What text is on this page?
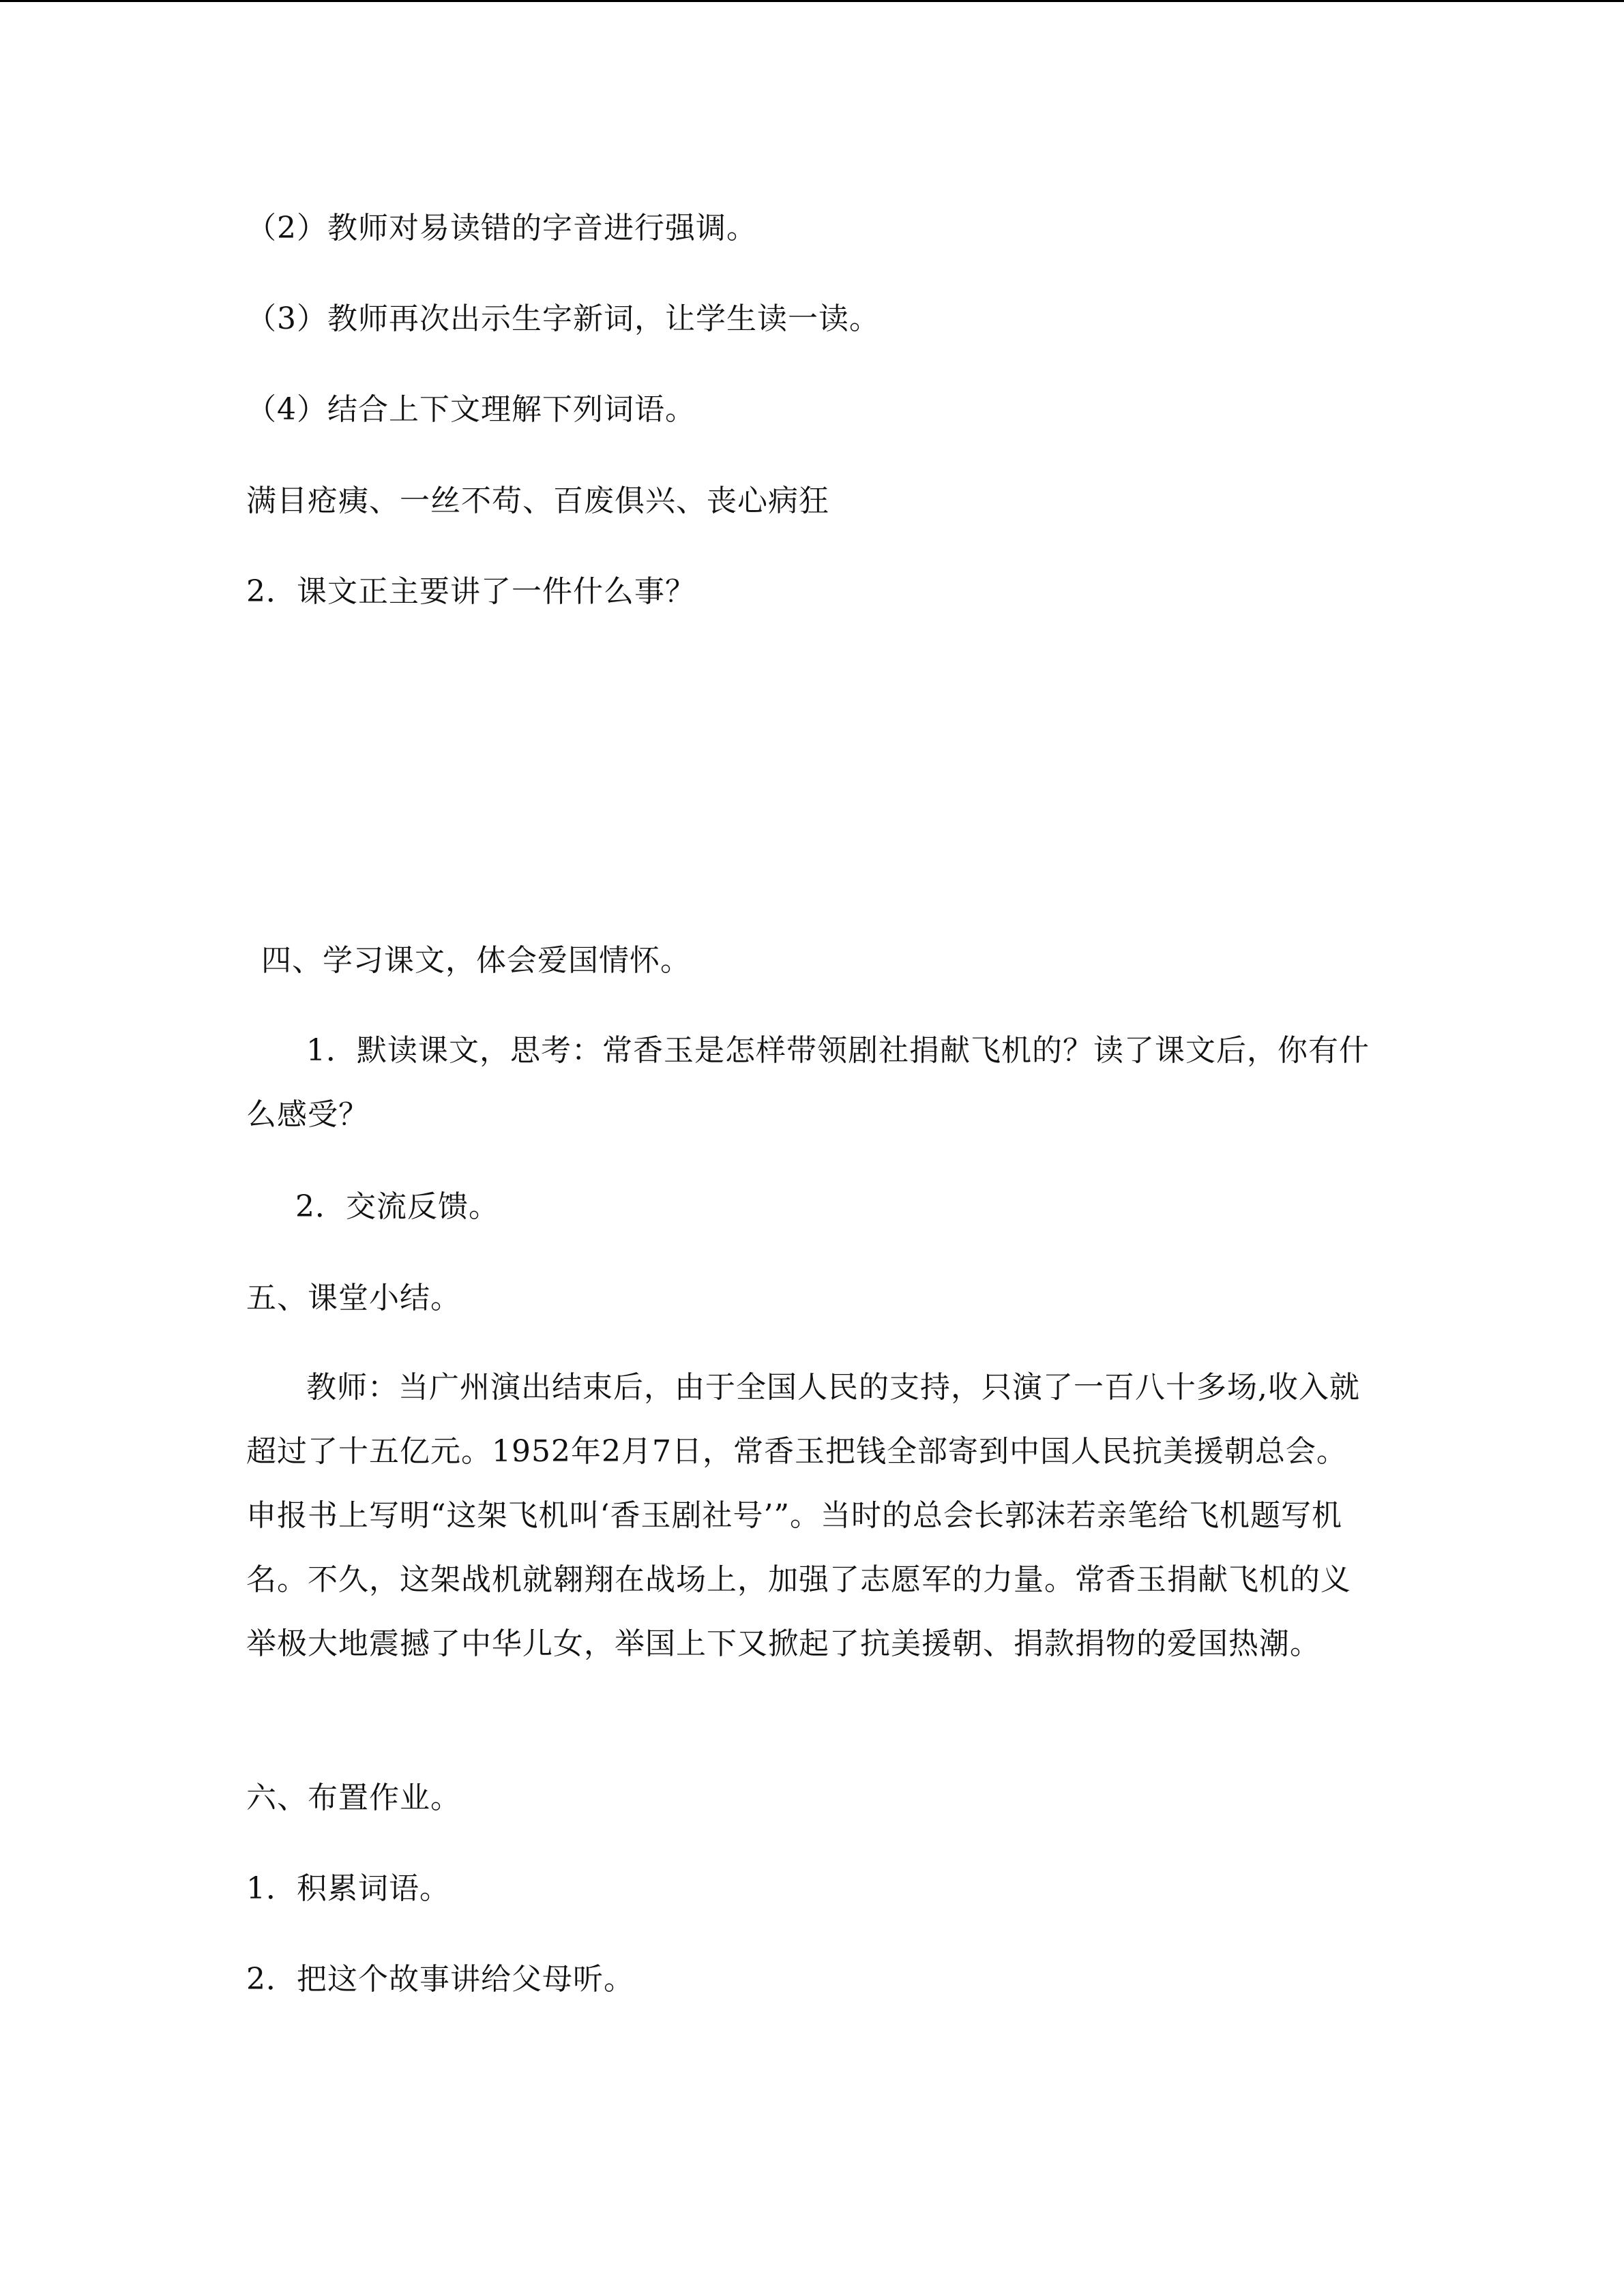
（2）教师对易读错的字音进行强调。
（3）教师再次出示生字新词，让学生读一读。
（4）结合上下文理解下列词语。
满目疮痍、一丝不苟、百废俱兴、丧心病狂
2．课文正主要讲了一件什么事？
四、学习课文，体会爱国情怀。
1．默读课文，思考：常香玉是怎样带领剧社捐献飞机的？读了课文后，你有什么感受？
2．交流反馈。
五、课堂小结。
教师：当广州演出结束后，由于全国人民的支持，只演了一百八十多场,收入就超过了十五亿元。1952年2月7日，常香玉把钱全部寄到中国人民抗美援朝总会。申报书上写明“这架飞机叫‘香玉剧社号’”。当时的总会长郭沫若亲笔给飞机题写机名。不久，这架战机就翱翔在战场上，加强了志愿军的力量。常香玉捐献飞机的义举极大地震撼了中华儿女，举国上下又掀起了抗美援朝、捐款捐物的爱国热潮。
六、布置作业。
1．积累词语。
2．把这个故事讲给父母听。
